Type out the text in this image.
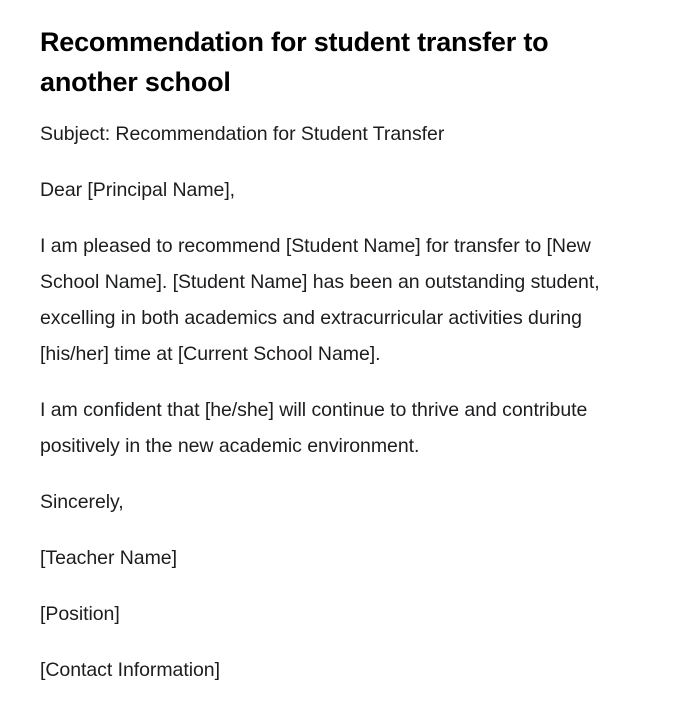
Recommendation for student transfer to another school

Subject: Recommendation for Student Transfer

Dear [Principal Name],

I am pleased to recommend [Student Name] for transfer to [New School Name]. [Student Name] has been an outstanding student, excelling in both academics and extracurricular activities during [his/her] time at [Current School Name].

I am confident that [he/she] will continue to thrive and contribute positively in the new academic environment.

Sincerely,

[Teacher Name]

[Position]

[Contact Information]
